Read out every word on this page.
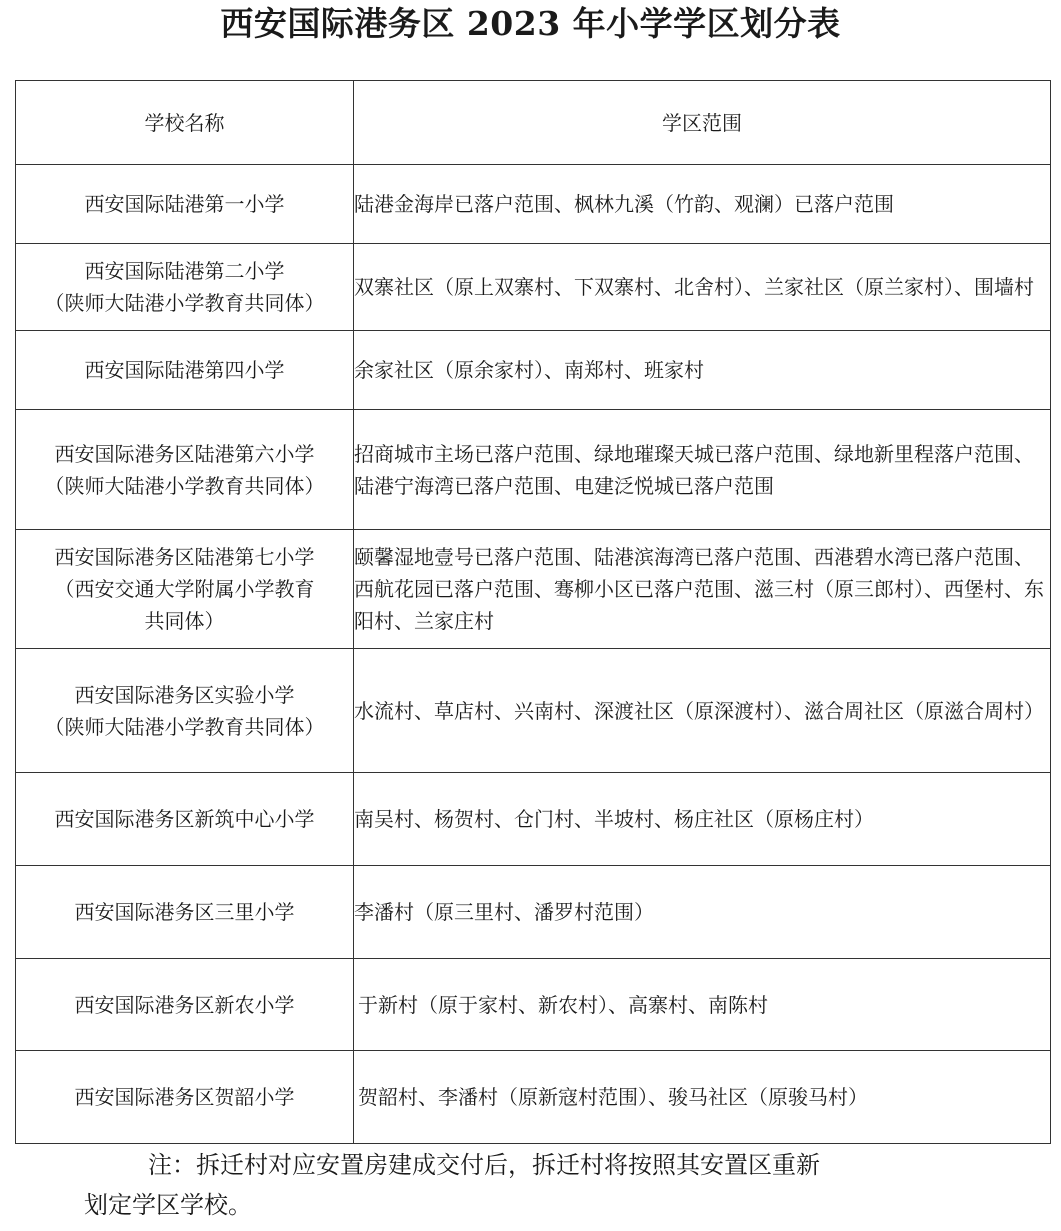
西安国际港务区 2023 年小学学区划分表
学校名称	学区范围

西安国际陆港第一小学	陆港金海岸已落户范围、枫林九溪（竹韵、观澜）已落户范围

西安国际陆港第二小学
（陕师大陆港小学教育共同体）	双寨社区（原上双寨村、下双寨村、北舍村）、兰家社区（原兰家村）、围墙村

西安国际陆港第四小学	余家社区（原余家村）、南郑村、班家村

西安国际港务区陆港第六小学
（陕师大陆港小学教育共同体）	招商城市主场已落户范围、绿地璀璨天城已落户范围、绿地新里程落户范围、陆港宁海湾已落户范围、电建泛悦城已落户范围

西安国际港务区陆港第七小学
（西安交通大学附属小学教育
共同体）	颐馨湿地壹号已落户范围、陆港滨海湾已落户范围、西港碧水湾已落户范围、西航花园已落户范围、骞柳小区已落户范围、滋三村（原三郎村）、西堡村、东阳村、兰家庄村

西安国际港务区实验小学
（陕师大陆港小学教育共同体）	水流村、草店村、兴南村、深渡社区（原深渡村）、滋合周社区（原滋合周村）

西安国际港务区新筑中心小学	南吴村、杨贺村、仓门村、半坡村、杨庄社区（原杨庄村）

西安国际港务区三里小学	李潘村（原三里村、潘罗村范围）

西安国际港务区新农小学	于新村（原于家村、新农村）、高寨村、南陈村

西安国际港务区贺韶小学	贺韶村、李潘村（原新寇村范围）、骏马社区（原骏马村）
注：拆迁村对应安置房建成交付后，拆迁村将按照其安置区重新
划定学区学校。
